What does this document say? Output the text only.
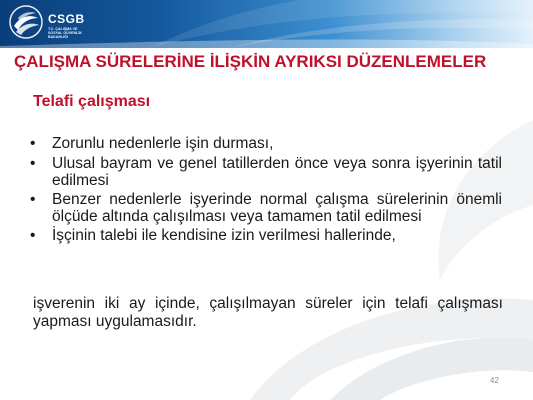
CSGB
T.C. ÇALIŞMA VE
SOSYAL GÜVENLİK
BAKANLIĞI
ÇALIŞMA SÜRELERİNE İLİŞKİN AYRIKSI DÜZENLEMELER
Telafi çalışması
•	Zorunlu nedenlerle işin durması,
•	Ulusal bayram ve genel tatillerden önce veya sonra işyerinin tatil edilmesi
•	Benzer nedenlerle işyerinde normal çalışma sürelerinin önemli ölçüde altında çalışılması veya tamamen tatil edilmesi
•	İşçinin talebi ile kendisine izin verilmesi hallerinde,

işverenin iki ay içinde, çalışılmayan süreler için telafi çalışması yapması uygulamasıdır.

42
